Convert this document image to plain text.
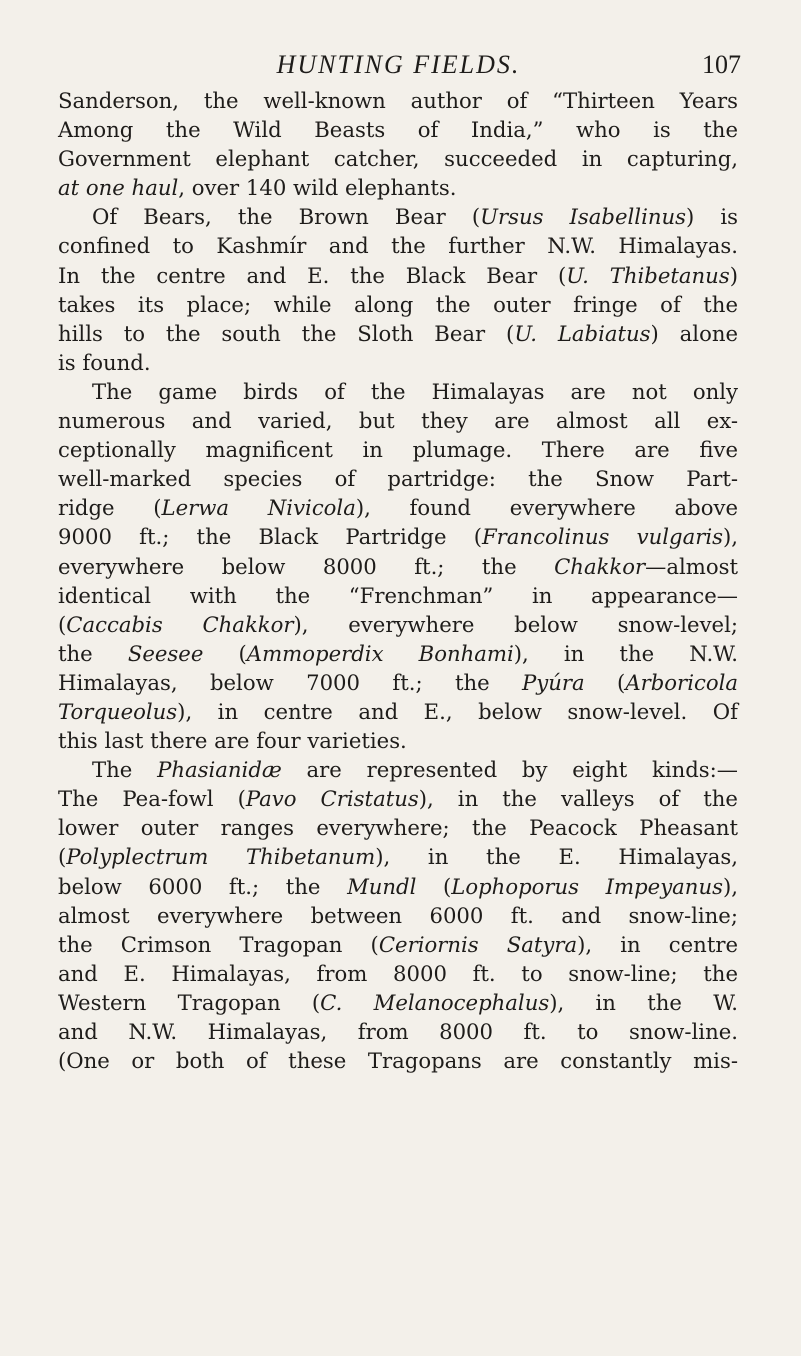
HUNTING FIELDS.	107
Sanderson, the well-known author of “Thirteen Years
Among the Wild Beasts of India,” who is the
Government elephant catcher, succeeded in capturing,
at one haul, over 140 wild elephants.
Of Bears, the Brown Bear (Ursus Isabellinus) is
confined to Kashmír and the further N.W. Himalayas.
In the centre and E. the Black Bear (U. Thibetanus)
takes its place; while along the outer fringe of the
hills to the south the Sloth Bear (U. Labiatus) alone
is found.
The game birds of the Himalayas are not only
numerous and varied, but they are almost all ex-
ceptionally magnificent in plumage. There are five
well-marked species of partridge: the Snow Part-
ridge (Lerwa Nivicola), found everywhere above
9000 ft.; the Black Partridge (Francolinus vulgaris),
everywhere below 8000 ft.; the Chakkor—almost
identical with the “Frenchman” in appearance—
(Caccabis Chakkor), everywhere below snow-level;
the Seesee (Ammoperdix Bonhami), in the N.W.
Himalayas, below 7000 ft.; the Pyúra (Arboricola
Torqueolus), in centre and E., below snow-level. Of
this last there are four varieties.
The Phasianidæ are represented by eight kinds:—
The Pea-fowl (Pavo Cristatus), in the valleys of the
lower outer ranges everywhere; the Peacock Pheasant
(Polyplectrum Thibetanum), in the E. Himalayas,
below 6000 ft.; the Mundl (Lophoporus Impeyanus),
almost everywhere between 6000 ft. and snow-line;
the Crimson Tragopan (Ceriornis Satyra), in centre
and E. Himalayas, from 8000 ft. to snow-line; the
Western Tragopan (C. Melanocephalus), in the W.
and N.W. Himalayas, from 8000 ft. to snow-line.
(One or both of these Tragopans are constantly mis-
